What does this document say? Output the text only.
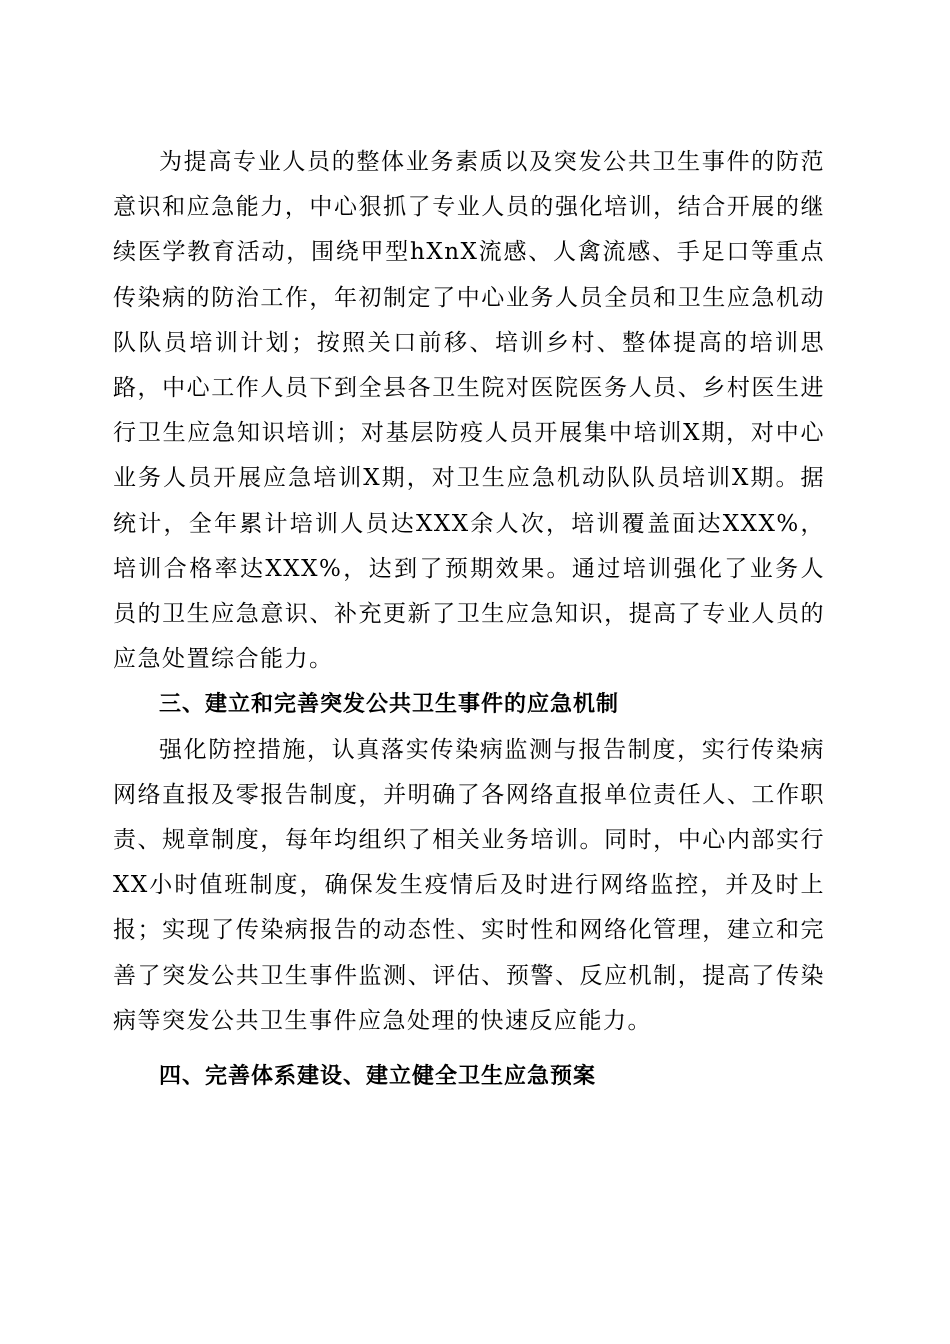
为提高专业人员的整体业务素质以及突发公共卫生事件的防范意识和应急能力，中心狠抓了专业人员的强化培训，结合开展的继续医学教育活动，围绕甲型hXnX流感、人禽流感、手足口等重点传染病的防治工作，年初制定了中心业务人员全员和卫生应急机动队队员培训计划；按照关口前移、培训乡村、整体提高的培训思路，中心工作人员下到全县各卫生院对医院医务人员、乡村医生进行卫生应急知识培训；对基层防疫人员开展集中培训X期，对中心业务人员开展应急培训X期，对卫生应急机动队队员培训X期。据统计，全年累计培训人员达XXX余人次，培训覆盖面达XXX%，培训合格率达XXX%，达到了预期效果。通过培训强化了业务人员的卫生应急意识、补充更新了卫生应急知识，提高了专业人员的应急处置综合能力。

三、建立和完善突发公共卫生事件的应急机制

强化防控措施，认真落实传染病监测与报告制度，实行传染病网络直报及零报告制度，并明确了各网络直报单位责任人、工作职责、规章制度，每年均组织了相关业务培训。同时，中心内部实行XX小时值班制度，确保发生疫情后及时进行网络监控，并及时上报；实现了传染病报告的动态性、实时性和网络化管理，建立和完善了突发公共卫生事件监测、评估、预警、反应机制，提高了传染病等突发公共卫生事件应急处理的快速反应能力。

四、完善体系建设、建立健全卫生应急预案
